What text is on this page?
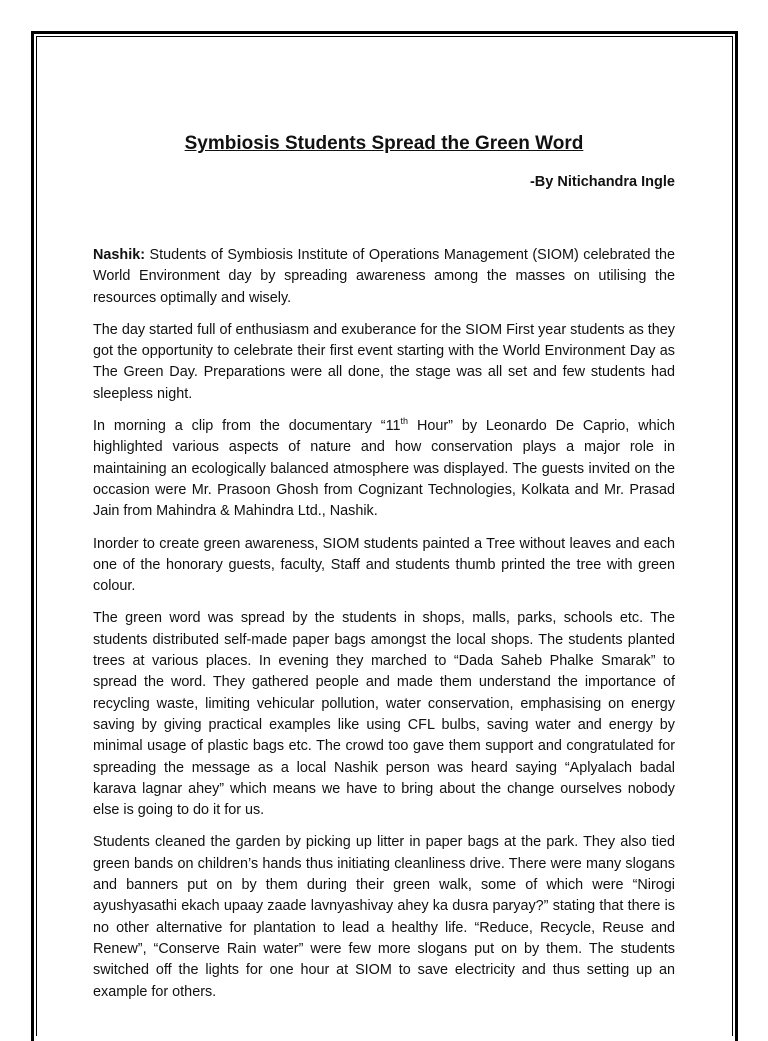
Symbiosis Students Spread the Green Word
-By Nitichandra Ingle

Nashik: Students of Symbiosis Institute of Operations Management (SIOM) celebrated the World Environment day by spreading awareness among the masses on utilising the resources optimally and wisely.

The day started full of enthusiasm and exuberance for the SIOM First year students as they got the opportunity to celebrate their first event starting with the World Environment Day as The Green Day. Preparations were all done, the stage was all set and few students had sleepless night.

In morning a clip from the documentary “11th Hour” by Leonardo De Caprio, which highlighted various aspects of nature and how conservation plays a major role in maintaining an ecologically balanced atmosphere was displayed. The guests invited on the occasion were Mr. Prasoon Ghosh from Cognizant Technologies, Kolkata and Mr. Prasad Jain from Mahindra & Mahindra Ltd., Nashik.

Inorder to create green awareness, SIOM students painted a Tree without leaves and each one of the honorary guests, faculty, Staff and students thumb printed the tree with green colour.

The green word was spread by the students in shops, malls, parks, schools etc. The students distributed self-made paper bags amongst the local shops. The students planted trees at various places. In evening they marched to “Dada Saheb Phalke Smarak” to spread the word. They gathered people and made them understand the importance of recycling waste, limiting vehicular pollution, water conservation, emphasising on energy saving by giving practical examples like using CFL bulbs, saving water and energy by minimal usage of plastic bags etc. The crowd too gave them support and congratulated for spreading the message as a local Nashik person was heard saying “Aplyalach badal karava lagnar ahey” which means we have to bring about the change ourselves nobody else is going to do it for us.

Students cleaned the garden by picking up litter in paper bags at the park. They also tied green bands on children’s hands thus initiating cleanliness drive. There were many slogans and banners put on by them during their green walk, some of which were “Nirogi ayushyasathi ekach upaay zaade lavnyashivay ahey ka dusra paryay?” stating that there is no other alternative for plantation to lead a healthy life. “Reduce, Recycle, Reuse and Renew”, “Conserve Rain water” were few more slogans put on by them. The students switched off the lights for one hour at SIOM to save electricity and thus setting up an example for others.
